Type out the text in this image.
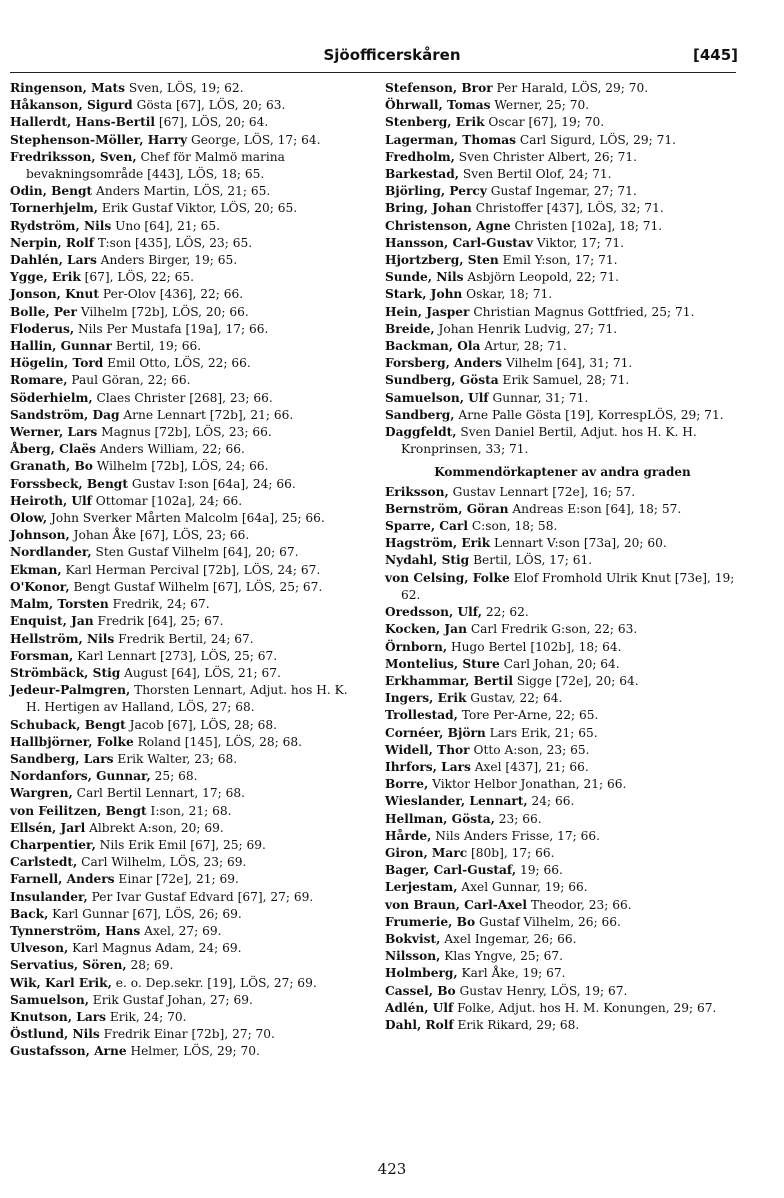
Sjöofficerskåren	[445]
Ringenson, Mats Sven, LÖS, 19; 62.
Håkanson, Sigurd Gösta [67], LÖS, 20; 63.
Hallerdt, Hans-Bertil [67], LÖS, 20; 64.
Stephenson-Möller, Harry George, LÖS, 17; 64.
Fredriksson, Sven, Chef för Malmö marina bevakningsområde [443], LÖS, 18; 65.
Odin, Bengt Anders Martin, LÖS, 21; 65.
Tornerhjelm, Erik Gustaf Viktor, LÖS, 20; 65.
Rydström, Nils Uno [64], 21; 65.
Nerpin, Rolf T:son [435], LÖS, 23; 65.
Dahlén, Lars Anders Birger, 19; 65.
Ygge, Erik [67], LÖS, 22; 65.
Jonson, Knut Per-Olov [436], 22; 66.
Bolle, Per Vilhelm [72b], LÖS, 20; 66.
Floderus, Nils Per Mustafa [19a], 17; 66.
Hallin, Gunnar Bertil, 19; 66.
Högelin, Tord Emil Otto, LÖS, 22; 66.
Romare, Paul Göran, 22; 66.
Söderhielm, Claes Christer [268], 23; 66.
Sandström, Dag Arne Lennart [72b], 21; 66.
Werner, Lars Magnus [72b], LÖS, 23; 66.
Åberg, Claës Anders William, 22; 66.
Granath, Bo Wilhelm [72b], LÖS, 24; 66.
Forssbeck, Bengt Gustav I:son [64a], 24; 66.
Heiroth, Ulf Ottomar [102a], 24; 66.
Olow, John Sverker Mårten Malcolm [64a], 25; 66.
Johnson, Johan Åke [67], LÖS, 23; 66.
Nordlander, Sten Gustaf Vilhelm [64], 20; 67.
Ekman, Karl Herman Percival [72b], LÖS, 24; 67.
O'Konor, Bengt Gustaf Wilhelm [67], LÖS, 25; 67.
Malm, Torsten Fredrik, 24; 67.
Enquist, Jan Fredrik [64], 25; 67.
Hellström, Nils Fredrik Bertil, 24; 67.
Forsman, Karl Lennart [273], LÖS, 25; 67.
Strömbäck, Stig August [64], LÖS, 21; 67.
Jedeur-Palmgren, Thorsten Lennart, Adjut. hos H. K. H. Hertigen av Halland, LÖS, 27; 68.
Schuback, Bengt Jacob [67], LÖS, 28; 68.
Hallbjörner, Folke Roland [145], LÖS, 28; 68.
Sandberg, Lars Erik Walter, 23; 68.
Nordanfors, Gunnar, 25; 68.
Wargren, Carl Bertil Lennart, 17; 68.
von Feilitzen, Bengt I:son, 21; 68.
Ellsén, Jarl Albrekt A:son, 20; 69.
Charpentier, Nils Erik Emil [67], 25; 69.
Carlstedt, Carl Wilhelm, LÖS, 23; 69.
Farnell, Anders Einar [72e], 21; 69.
Insulander, Per Ivar Gustaf Edvard [67], 27; 69.
Back, Karl Gunnar [67], LÖS, 26; 69.
Tynnerström, Hans Axel, 27; 69.
Ulveson, Karl Magnus Adam, 24; 69.
Servatius, Sören, 28; 69.
Wik, Karl Erik, e. o. Dep.sekr. [19], LÖS, 27; 69.
Samuelson, Erik Gustaf Johan, 27; 69.
Knutson, Lars Erik, 24; 70.
Östlund, Nils Fredrik Einar [72b], 27; 70.
Gustafsson, Arne Helmer, LÖS, 29; 70.
Stefenson, Bror Per Harald, LÖS, 29; 70.
Öhrwall, Tomas Werner, 25; 70.
Stenberg, Erik Oscar [67], 19; 70.
Lagerman, Thomas Carl Sigurd, LÖS, 29; 71.
Fredholm, Sven Christer Albert, 26; 71.
Barkestad, Sven Bertil Olof, 24; 71.
Björling, Percy Gustaf Ingemar, 27; 71.
Bring, Johan Christoffer [437], LÖS, 32; 71.
Christenson, Agne Christen [102a], 18; 71.
Hansson, Carl-Gustav Viktor, 17; 71.
Hjortzberg, Sten Emil Y:son, 17; 71.
Sunde, Nils Asbjörn Leopold, 22; 71.
Stark, John Oskar, 18; 71.
Hein, Jasper Christian Magnus Gottfried, 25; 71.
Breide, Johan Henrik Ludvig, 27; 71.
Backman, Ola Artur, 28; 71.
Forsberg, Anders Vilhelm [64], 31; 71.
Sundberg, Gösta Erik Samuel, 28; 71.
Samuelson, Ulf Gunnar, 31; 71.
Sandberg, Arne Palle Gösta [19], KorrespLÖS, 29; 71.
Daggfeldt, Sven Daniel Bertil, Adjut. hos H. K. H. Kronprinsen, 33; 71.
Kommendörkaptener av andra graden
Eriksson, Gustav Lennart [72e], 16; 57.
Bernström, Göran Andreas E:son [64], 18; 57.
Sparre, Carl C:son, 18; 58.
Hagström, Erik Lennart V:son [73a], 20; 60.
Nydahl, Stig Bertil, LÖS, 17; 61.
von Celsing, Folke Elof Fromhold Ulrik Knut [73e], 19; 62.
Oredsson, Ulf, 22; 62.
Kocken, Jan Carl Fredrik G:son, 22; 63.
Örnborn, Hugo Bertel [102b], 18; 64.
Montelius, Sture Carl Johan, 20; 64.
Erkhammar, Bertil Sigge [72e], 20; 64.
Ingers, Erik Gustav, 22; 64.
Trollestad, Tore Per-Arne, 22; 65.
Cornéer, Björn Lars Erik, 21; 65.
Widell, Thor Otto A:son, 23; 65.
Ihrfors, Lars Axel [437], 21; 66.
Borre, Viktor Helbor Jonathan, 21; 66.
Wieslander, Lennart, 24; 66.
Hellman, Gösta, 23; 66.
Hårde, Nils Anders Frisse, 17; 66.
Giron, Marc [80b], 17; 66.
Bager, Carl-Gustaf, 19; 66.
Lerjestam, Axel Gunnar, 19; 66.
von Braun, Carl-Axel Theodor, 23; 66.
Frumerie, Bo Gustaf Vilhelm, 26; 66.
Bokvist, Axel Ingemar, 26; 66.
Nilsson, Klas Yngve, 25; 67.
Holmberg, Karl Åke, 19; 67.
Cassel, Bo Gustav Henry, LÖS, 19; 67.
Adlén, Ulf Folke, Adjut. hos H. M. Konungen, 29; 67.
Dahl, Rolf Erik Rikard, 29; 68.
423
